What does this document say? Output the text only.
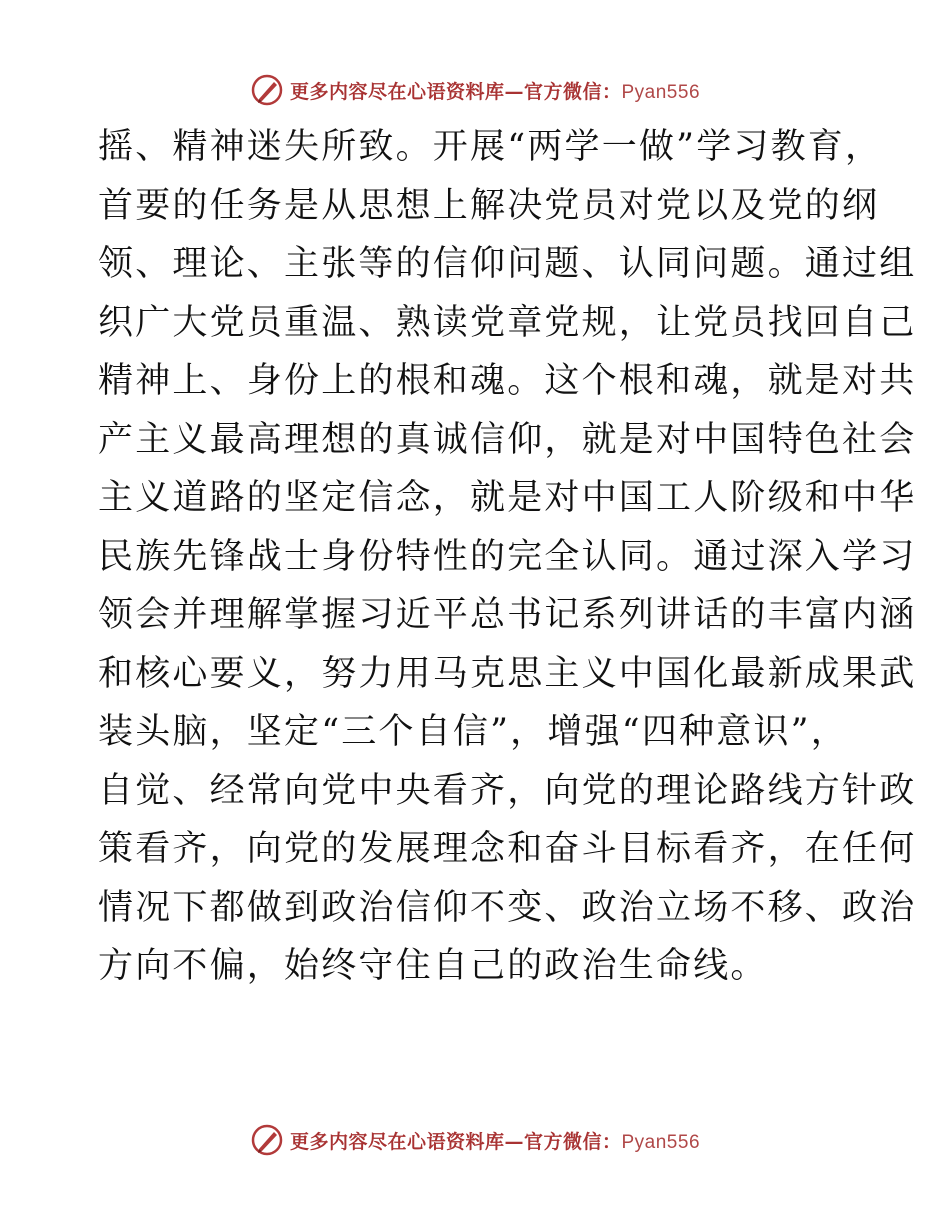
更多内容尽在心语资料库—官方微信：Pyan556
摇、精神迷失所致。开展“两学一做”学习教育，
首要的任务是从思想上解决党员对党以及党的纲
领、理论、主张等的信仰问题、认同问题。通过组
织广大党员重温、熟读党章党规，让党员找回自己
精神上、身份上的根和魂。这个根和魂，就是对共
产主义最高理想的真诚信仰，就是对中国特色社会
主义道路的坚定信念，就是对中国工人阶级和中华
民族先锋战士身份特性的完全认同。通过深入学习
领会并理解掌握习近平总书记系列讲话的丰富内涵
和核心要义，努力用马克思主义中国化最新成果武
装头脑，坚定“三个自信”，增强“四种意识”，
自觉、经常向党中央看齐，向党的理论路线方针政
策看齐，向党的发展理念和奋斗目标看齐，在任何
情况下都做到政治信仰不变、政治立场不移、政治
方向不偏，始终守住自己的政治生命线。
更多内容尽在心语资料库—官方微信：Pyan556
